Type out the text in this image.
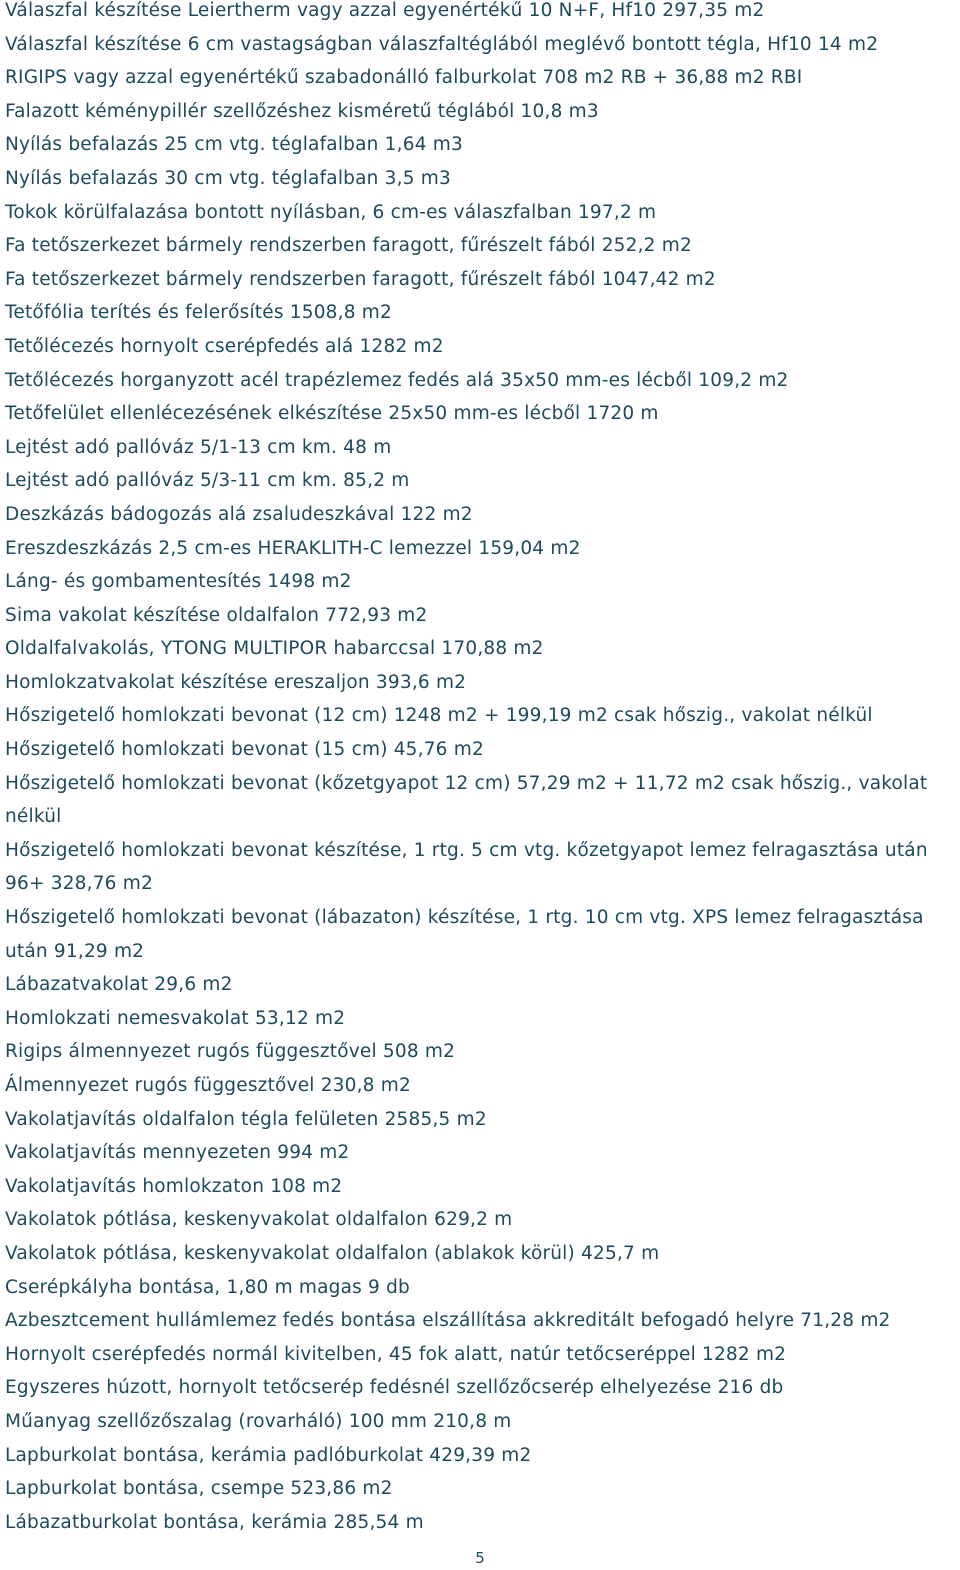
Válaszfal készítése Leiertherm vagy azzal egyenértékű 10 N+F, Hf10 297,35 m2
Válaszfal készítése 6 cm vastagságban válaszfaltéglából meglévő bontott tégla, Hf10 14 m2
RIGIPS vagy azzal egyenértékű szabadonálló falburkolat 708 m2 RB + 36,88 m2 RBI
Falazott kéménypillér szellőzéshez kisméretű téglából 10,8 m3
Nyílás befalazás 25 cm vtg. téglafalban 1,64 m3
Nyílás befalazás 30 cm vtg. téglafalban 3,5 m3
Tokok körülfalazása bontott nyílásban, 6 cm-es válaszfalban 197,2 m
Fa tetőszerkezet bármely rendszerben faragott, fűrészelt fából 252,2 m2
Fa tetőszerkezet bármely rendszerben faragott, fűrészelt fából 1047,42 m2
Tetőfólia terítés és felerősítés 1508,8 m2
Tetőlécezés hornyolt cserépfedés alá 1282 m2
Tetőlécezés horganyzott acél trapézlemez fedés alá 35x50 mm-es lécből 109,2 m2
Tetőfelület ellenlécezésének elkészítése 25x50 mm-es lécből 1720 m
Lejtést adó pallóváz 5/1-13 cm km. 48 m
Lejtést adó pallóváz 5/3-11 cm km. 85,2 m
Deszkázás bádogozás alá zsaludeszkával 122 m2
Ereszdeszkázás 2,5 cm-es HERAKLITH-C lemezzel 159,04 m2
Láng- és gombamentesítés 1498 m2
Sima vakolat készítése oldalfalon 772,93 m2
Oldalfalvakolás, YTONG MULTIPOR habarccsal 170,88 m2
Homlokzatvakolat készítése ereszaljon 393,6 m2
Hőszigetelő homlokzati bevonat (12 cm) 1248 m2 + 199,19 m2 csak hőszig., vakolat nélkül
Hőszigetelő homlokzati bevonat (15 cm) 45,76 m2
Hőszigetelő homlokzati bevonat (kőzetgyapot 12 cm) 57,29 m2 + 11,72 m2 csak hőszig., vakolat
nélkül
Hőszigetelő homlokzati bevonat készítése, 1 rtg. 5 cm vtg. kőzetgyapot lemez felragasztása után
96+ 328,76 m2
Hőszigetelő homlokzati bevonat (lábazaton) készítése, 1 rtg. 10 cm vtg. XPS lemez felragasztása
után 91,29 m2
Lábazatvakolat 29,6 m2
Homlokzati nemesvakolat 53,12 m2
Rigips álmennyezet rugós függesztővel 508 m2
Álmennyezet rugós függesztővel 230,8 m2
Vakolatjavítás oldalfalon tégla felületen 2585,5 m2
Vakolatjavítás mennyezeten 994 m2
Vakolatjavítás homlokzaton 108 m2
Vakolatok pótlása, keskenyvakolat oldalfalon 629,2 m
Vakolatok pótlása, keskenyvakolat oldalfalon (ablakok körül) 425,7 m
Cserépkályha bontása, 1,80 m magas 9 db
Azbesztcement hullámlemez fedés bontása elszállítása akkreditált befogadó helyre 71,28 m2
Hornyolt cserépfedés normál kivitelben, 45 fok alatt, natúr tetőcseréppel 1282 m2
Egyszeres húzott, hornyolt tetőcserép fedésnél szellőzőcserép elhelyezése 216 db
Műanyag szellőzőszalag (rovarháló) 100 mm 210,8 m
Lapburkolat bontása, kerámia padlóburkolat 429,39 m2
Lapburkolat bontása, csempe 523,86 m2
Lábazatburkolat bontása, kerámia 285,54 m
5
